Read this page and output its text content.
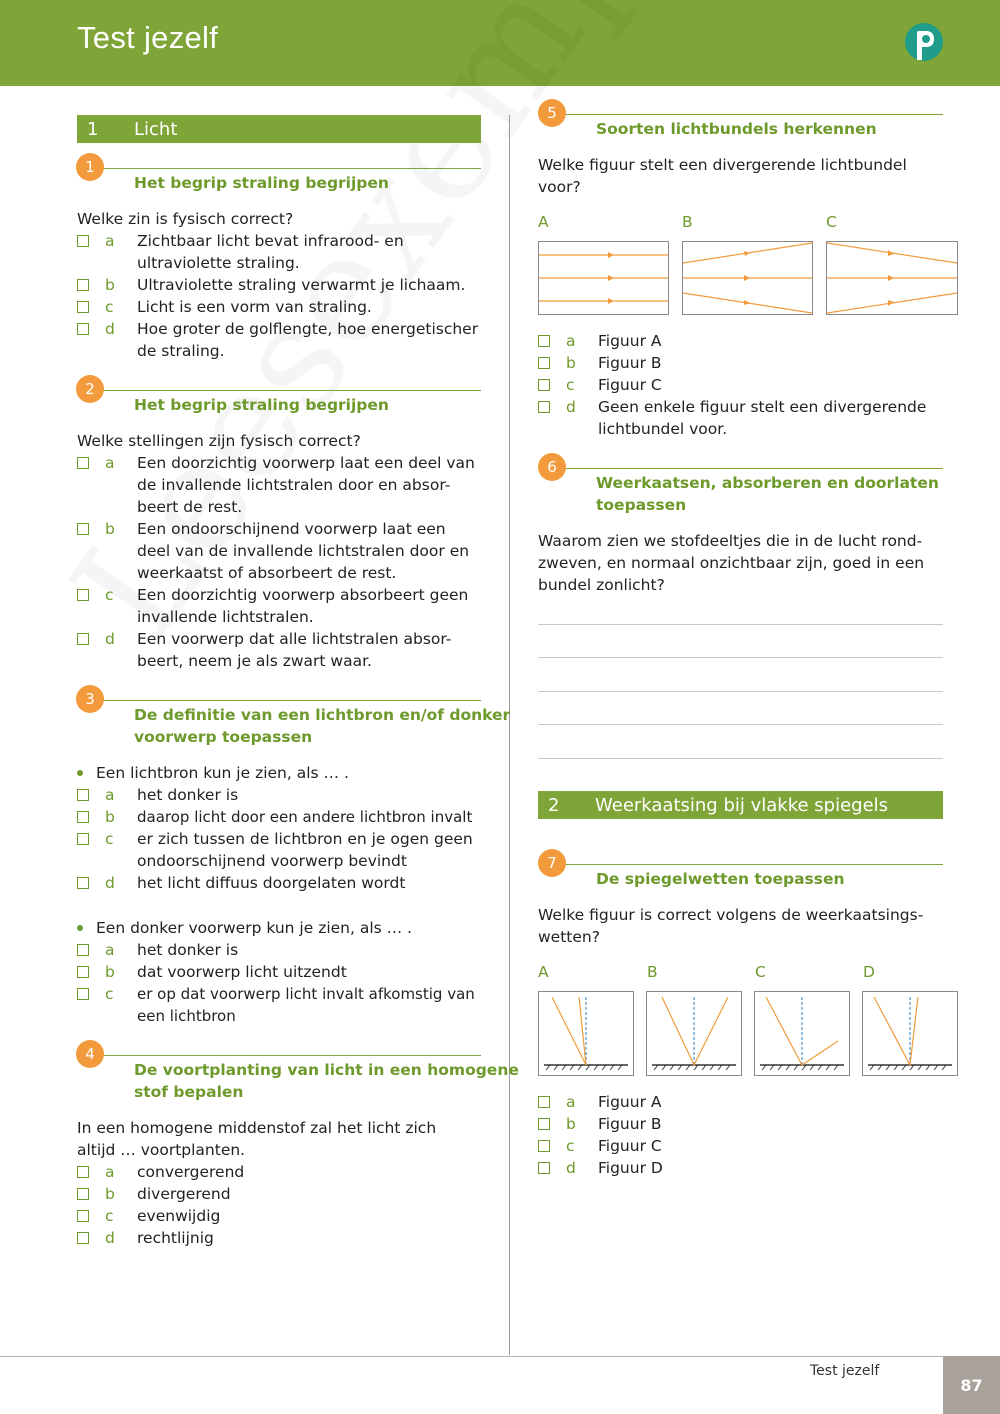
Test jezelf
1	Licht
1
Het begrip straling begrijpen
Welke zin is fysisch correct?
a Zichtbaar licht bevat infrarood- en
ultraviolette straling.
b Ultraviolette straling verwarmt je lichaam.
c Licht is een vorm van straling.
d Hoe groter de golflengte, hoe energetischer
de straling.
2
Het begrip straling begrijpen
Welke stellingen zijn fysisch correct?
a Een doorzichtig voorwerp laat een deel van
de invallende lichtstralen door en absor-
beert de rest.
b Een ondoorschijnend voorwerp laat een
deel van de invallende lichtstralen door en
weerkaatst of absorbeert de rest.
c Een doorzichtig voorwerp absorbeert geen
invallende lichtstralen.
d Een voorwerp dat alle lichtstralen absor-
beert, neem je als zwart waar.
3
De definitie van een lichtbron en/of donker
voorwerp toepassen
Een lichtbron kun je zien, als … .
a het donker is
b daarop licht door een andere lichtbron invalt
c er zich tussen de lichtbron en je ogen geen
ondoorschijnend voorwerp bevindt
d het licht diffuus doorgelaten wordt
Een donker voorwerp kun je zien, als … .
a het donker is
b dat voorwerp licht uitzendt
c er op dat voorwerp licht invalt afkomstig van
een lichtbron
4
De voortplanting van licht in een homogene
stof bepalen
In een homogene middenstof zal het licht zich
altijd … voortplanten.
a convergerend
b divergerend
c evenwijdig
d rechtlijnig
5
Soorten lichtbundels herkennen
Welke figuur stelt een divergerende lichtbundel
voor?
A	B	C
a Figuur A
b Figuur B
c Figuur C
d Geen enkele figuur stelt een divergerende
lichtbundel voor.
6
Weerkaatsen, absorberen en doorlaten
toepassen
Waarom zien we stofdeeltjes die in de lucht rond-
zweven, en normaal onzichtbaar zijn, goed in een
bundel zonlicht?
2	Weerkaatsing bij vlakke spiegels
7
De spiegelwetten toepassen
Welke figuur is correct volgens de weerkaatsings-
wetten?
A	B	C	D
a Figuur A
b Figuur B
c Figuur C
d Figuur D
Test jezelf
87
